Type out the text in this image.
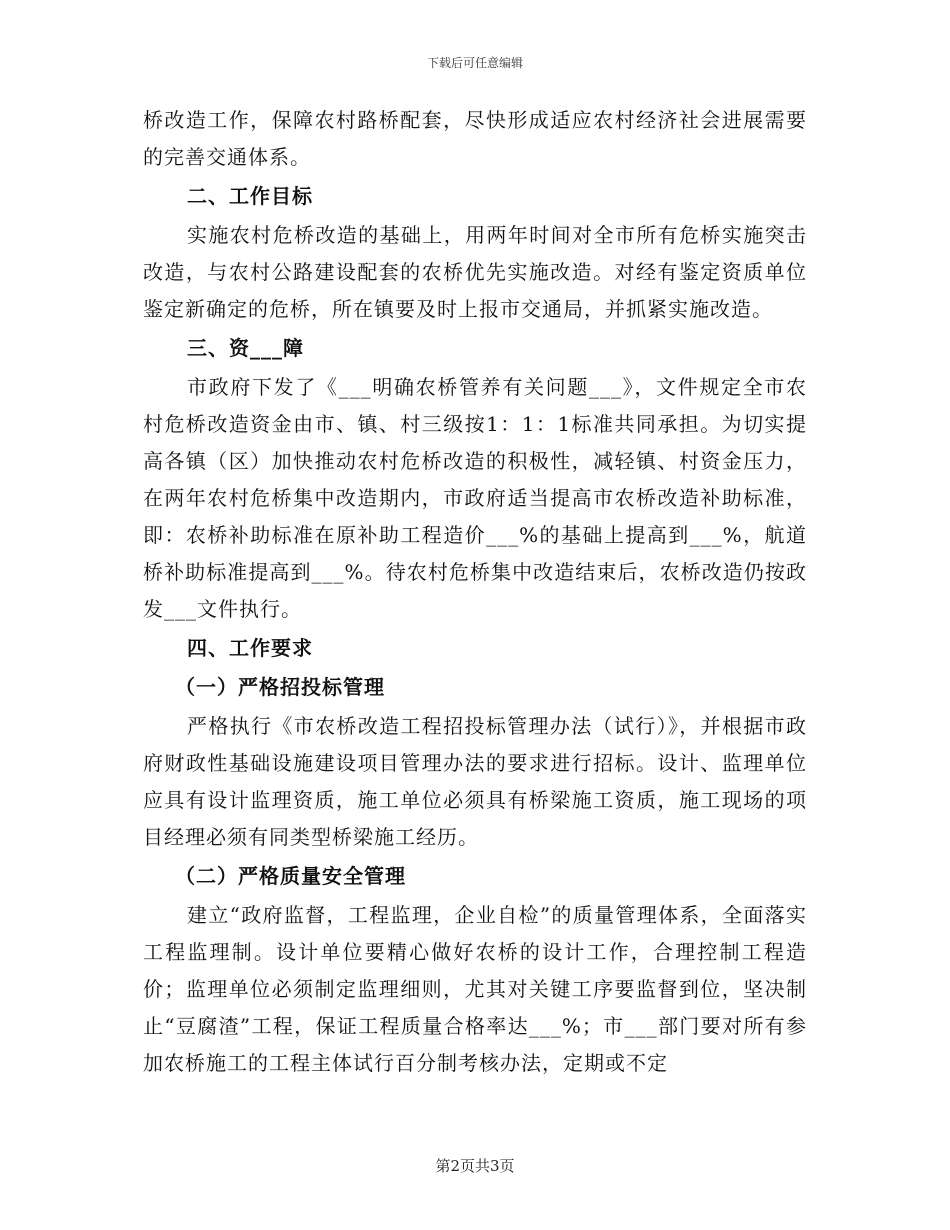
下载后可任意编辑

桥改造工作，保障农村路桥配套，尽快形成适应农村经济社会进展需要的完善交通体系。

二、工作目标

实施农村危桥改造的基础上，用两年时间对全市所有危桥实施突击改造，与农村公路建设配套的农桥优先实施改造。对经有鉴定资质单位鉴定新确定的危桥，所在镇要及时上报市交通局，并抓紧实施改造。

三、资___障

市政府下发了《___明确农桥管养有关问题___》，文件规定全市农村危桥改造资金由市、镇、村三级按1：1：1标准共同承担。为切实提高各镇（区）加快推动农村危桥改造的积极性，减轻镇、村资金压力，在两年农村危桥集中改造期内，市政府适当提高市农桥改造补助标准，即：农桥补助标准在原补助工程造价___%的基础上提高到___%，航道桥补助标准提高到___%。待农村危桥集中改造结束后，农桥改造仍按政发___文件执行。

四、工作要求

（一）严格招投标管理

严格执行《市农桥改造工程招投标管理办法（试行）》，并根据市政府财政性基础设施建设项目管理办法的要求进行招标。设计、监理单位应具有设计监理资质，施工单位必须具有桥梁施工资质，施工现场的项目经理必须有同类型桥梁施工经历。

（二）严格质量安全管理

建立“政府监督，工程监理，企业自检”的质量管理体系，全面落实工程监理制。设计单位要精心做好农桥的设计工作，合理控制工程造价；监理单位必须制定监理细则，尤其对关键工序要监督到位，坚决制止“豆腐渣”工程，保证工程质量合格率达___%；市___部门要对所有参加农桥施工的工程主体试行百分制考核办法，定期或不定

第2页共3页
